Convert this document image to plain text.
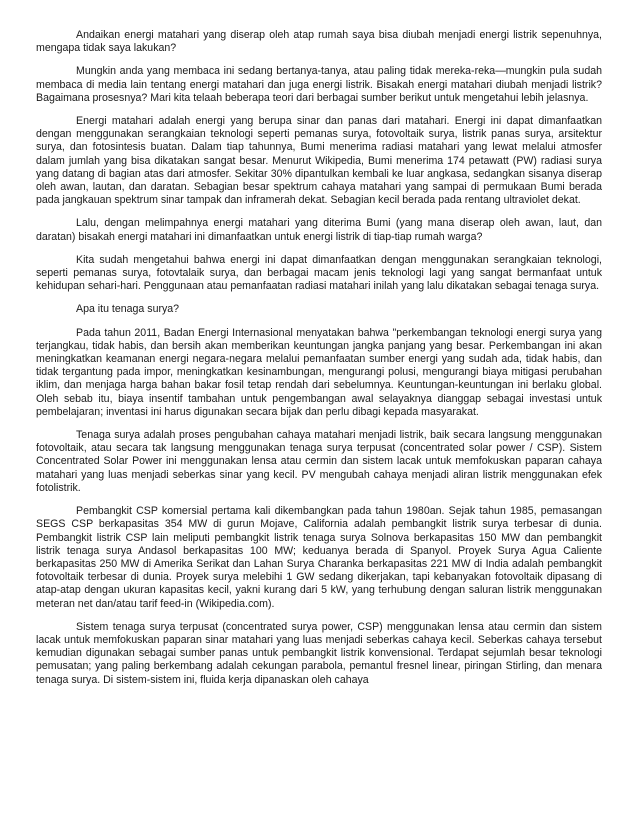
Andaikan energi matahari yang diserap oleh atap rumah saya bisa diubah menjadi energi listrik sepenuhnya, mengapa tidak saya lakukan?

Mungkin anda yang membaca ini sedang bertanya-tanya, atau paling tidak mereka-reka—mungkin pula sudah membaca di media lain tentang energi matahari dan juga energi listrik. Bisakah energi matahari diubah menjadi listrik? Bagaimana prosesnya? Mari kita telaah beberapa teori dari berbagai sumber berikut untuk mengetahui lebih jelasnya.

Energi matahari adalah energi yang berupa sinar dan panas dari matahari. Energi ini dapat dimanfaatkan dengan menggunakan serangkaian teknologi seperti pemanas surya, fotovoltaik surya, listrik panas surya, arsitektur surya, dan fotosintesis buatan. Dalam tiap tahunnya, Bumi menerima radiasi matahari yang lewat melalui atmosfer dalam jumlah yang bisa dikatakan sangat besar. Menurut Wikipedia, Bumi menerima 174 petawatt (PW) radiasi surya yang datang di bagian atas dari atmosfer. Sekitar 30% dipantulkan kembali ke luar angkasa, sedangkan sisanya diserap oleh awan, lautan, dan daratan. Sebagian besar spektrum cahaya matahari yang sampai di permukaan Bumi berada pada jangkauan spektrum sinar tampak dan inframerah dekat. Sebagian kecil berada pada rentang ultraviolet dekat.

Lalu, dengan melimpahnya energi matahari yang diterima Bumi (yang mana diserap oleh awan, laut, dan daratan) bisakah energi matahari ini dimanfaatkan untuk energi listrik di tiap-tiap rumah warga?

Kita sudah mengetahui bahwa energi ini dapat dimanfaatkan dengan menggunakan serangkaian teknologi, seperti pemanas surya, fotovtalaik surya, dan berbagai macam jenis teknologi lagi yang sangat bermanfaat untuk kehidupan sehari-hari. Penggunaan atau pemanfaatan radiasi matahari inilah yang lalu dikatakan sebagai tenaga surya.

Apa itu tenaga surya?

Pada tahun 2011, Badan Energi Internasional menyatakan bahwa "perkembangan teknologi energi surya yang terjangkau, tidak habis, dan bersih akan memberikan keuntungan jangka panjang yang besar. Perkembangan ini akan meningkatkan keamanan energi negara-negara melalui pemanfaatan sumber energi yang sudah ada, tidak habis, dan tidak tergantung pada impor, meningkatkan kesinambungan, mengurangi polusi, mengurangi biaya mitigasi perubahan iklim, dan menjaga harga bahan bakar fosil tetap rendah dari sebelumnya. Keuntungan-keuntungan ini berlaku global. Oleh sebab itu, biaya insentif tambahan untuk pengembangan awal selayaknya dianggap sebagai investasi untuk pembelajaran; inventasi ini harus digunakan secara bijak dan perlu dibagi kepada masyarakat.

Tenaga surya adalah proses pengubahan cahaya matahari menjadi listrik, baik secara langsung menggunakan fotovoltaik, atau secara tak langsung menggunakan tenaga surya terpusat (concentrated solar power / CSP). Sistem Concentrated Solar Power ini menggunakan lensa atau cermin dan sistem lacak untuk memfokuskan paparan cahaya matahari yang luas menjadi seberkas sinar yang kecil. PV mengubah cahaya menjadi aliran listrik menggunakan efek fotolistrik.

Pembangkit CSP komersial pertama kali dikembangkan pada tahun 1980an. Sejak tahun 1985, pemasangan SEGS CSP berkapasitas 354 MW di gurun Mojave, California adalah pembangkit listrik surya terbesar di dunia. Pembangkit listrik CSP lain meliputi pembangkit listrik tenaga surya Solnova berkapasitas 150 MW dan pembangkit listrik tenaga surya Andasol berkapasitas 100 MW; keduanya berada di Spanyol. Proyek Surya Agua Caliente berkapasitas 250 MW di Amerika Serikat dan Lahan Surya Charanka berkapasitas 221 MW di India adalah pembangkit fotovoltaik terbesar di dunia. Proyek surya melebihi 1 GW sedang dikerjakan, tapi kebanyakan fotovoltaik dipasang di atap-atap dengan ukuran kapasitas kecil, yakni kurang dari 5 kW, yang terhubung dengan saluran listrik menggunakan meteran net dan/atau tarif feed-in (Wikipedia.com).

Sistem tenaga surya terpusat (concentrated surya power, CSP) menggunakan lensa atau cermin dan sistem lacak untuk memfokuskan paparan sinar matahari yang luas menjadi seberkas cahaya kecil. Seberkas cahaya tersebut kemudian digunakan sebagai sumber panas untuk pembangkit listrik konvensional. Terdapat sejumlah besar teknologi pemusatan; yang paling berkembang adalah cekungan parabola, pemantul fresnel linear, piringan Stirling, dan menara tenaga surya. Di sistem-sistem ini, fluida kerja dipanaskan oleh cahaya
